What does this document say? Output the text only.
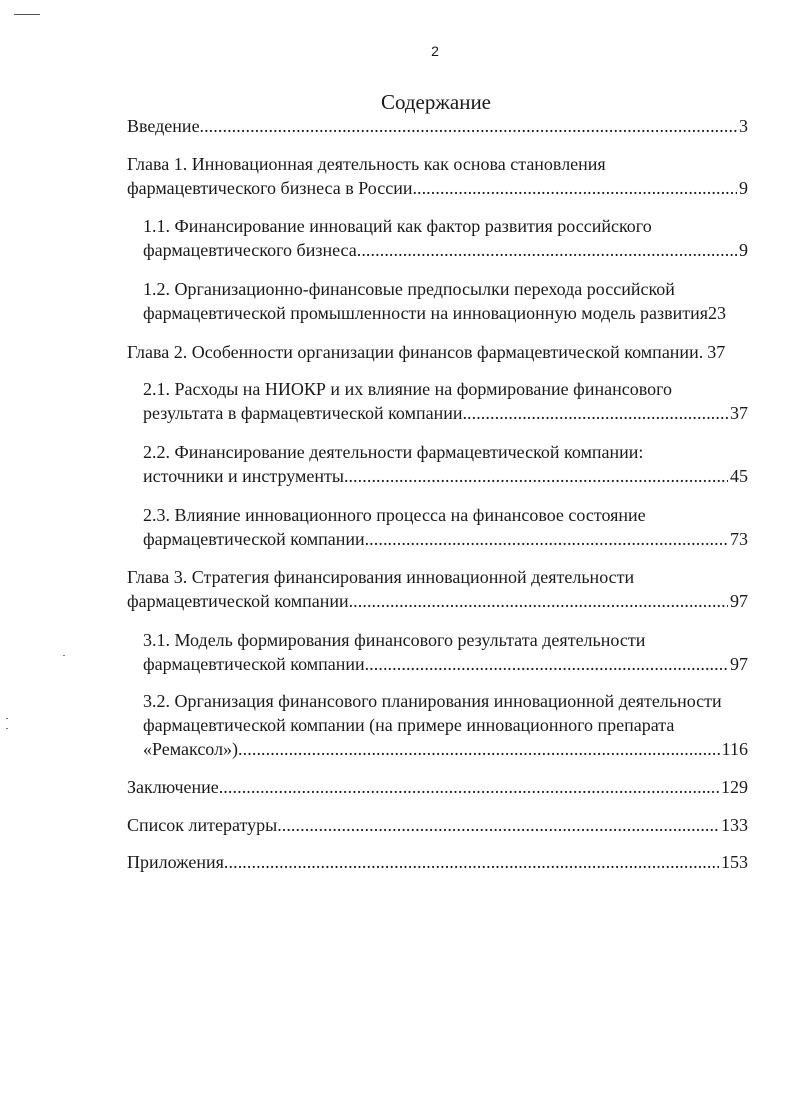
2
Содержание
Введение. . . .	3
Глава 1. Инновационная деятельность как основа становления
фармацевтического бизнеса в России. . . .	9
1.1. Финансирование инноваций как фактор развития российского
фармацевтического бизнеса . . .	9
1.2. Организационно-финансовые предпосылки перехода российской
фармацевтической промышленности на инновационную модель развития 23
Глава 2. Особенности организации финансов фармацевтической компании. 37
2.1. Расходы на НИОКР и их влияние на формирование финансового
результата в фармацевтической компании. . . .	37
2.2. Финансирование деятельности фармацевтической компании:
источники и инструменты. . . .	45
2.3. Влияние инновационного процесса на финансовое состояние
фармацевтической компании. . . .	73
Глава 3. Стратегия финансирования инновационной деятельности
фармацевтической компании. . . .	97
3.1. Модель формирования финансового результата деятельности
фармацевтической компании. . . .	97
3.2. Организация финансового планирования инновационной деятельности
фармацевтической компании (на примере инновационного препарата
«Ремаксол») . . .	116
Заключение. . . .	129
Список литературы. . . .	133
Приложения . . .	153
